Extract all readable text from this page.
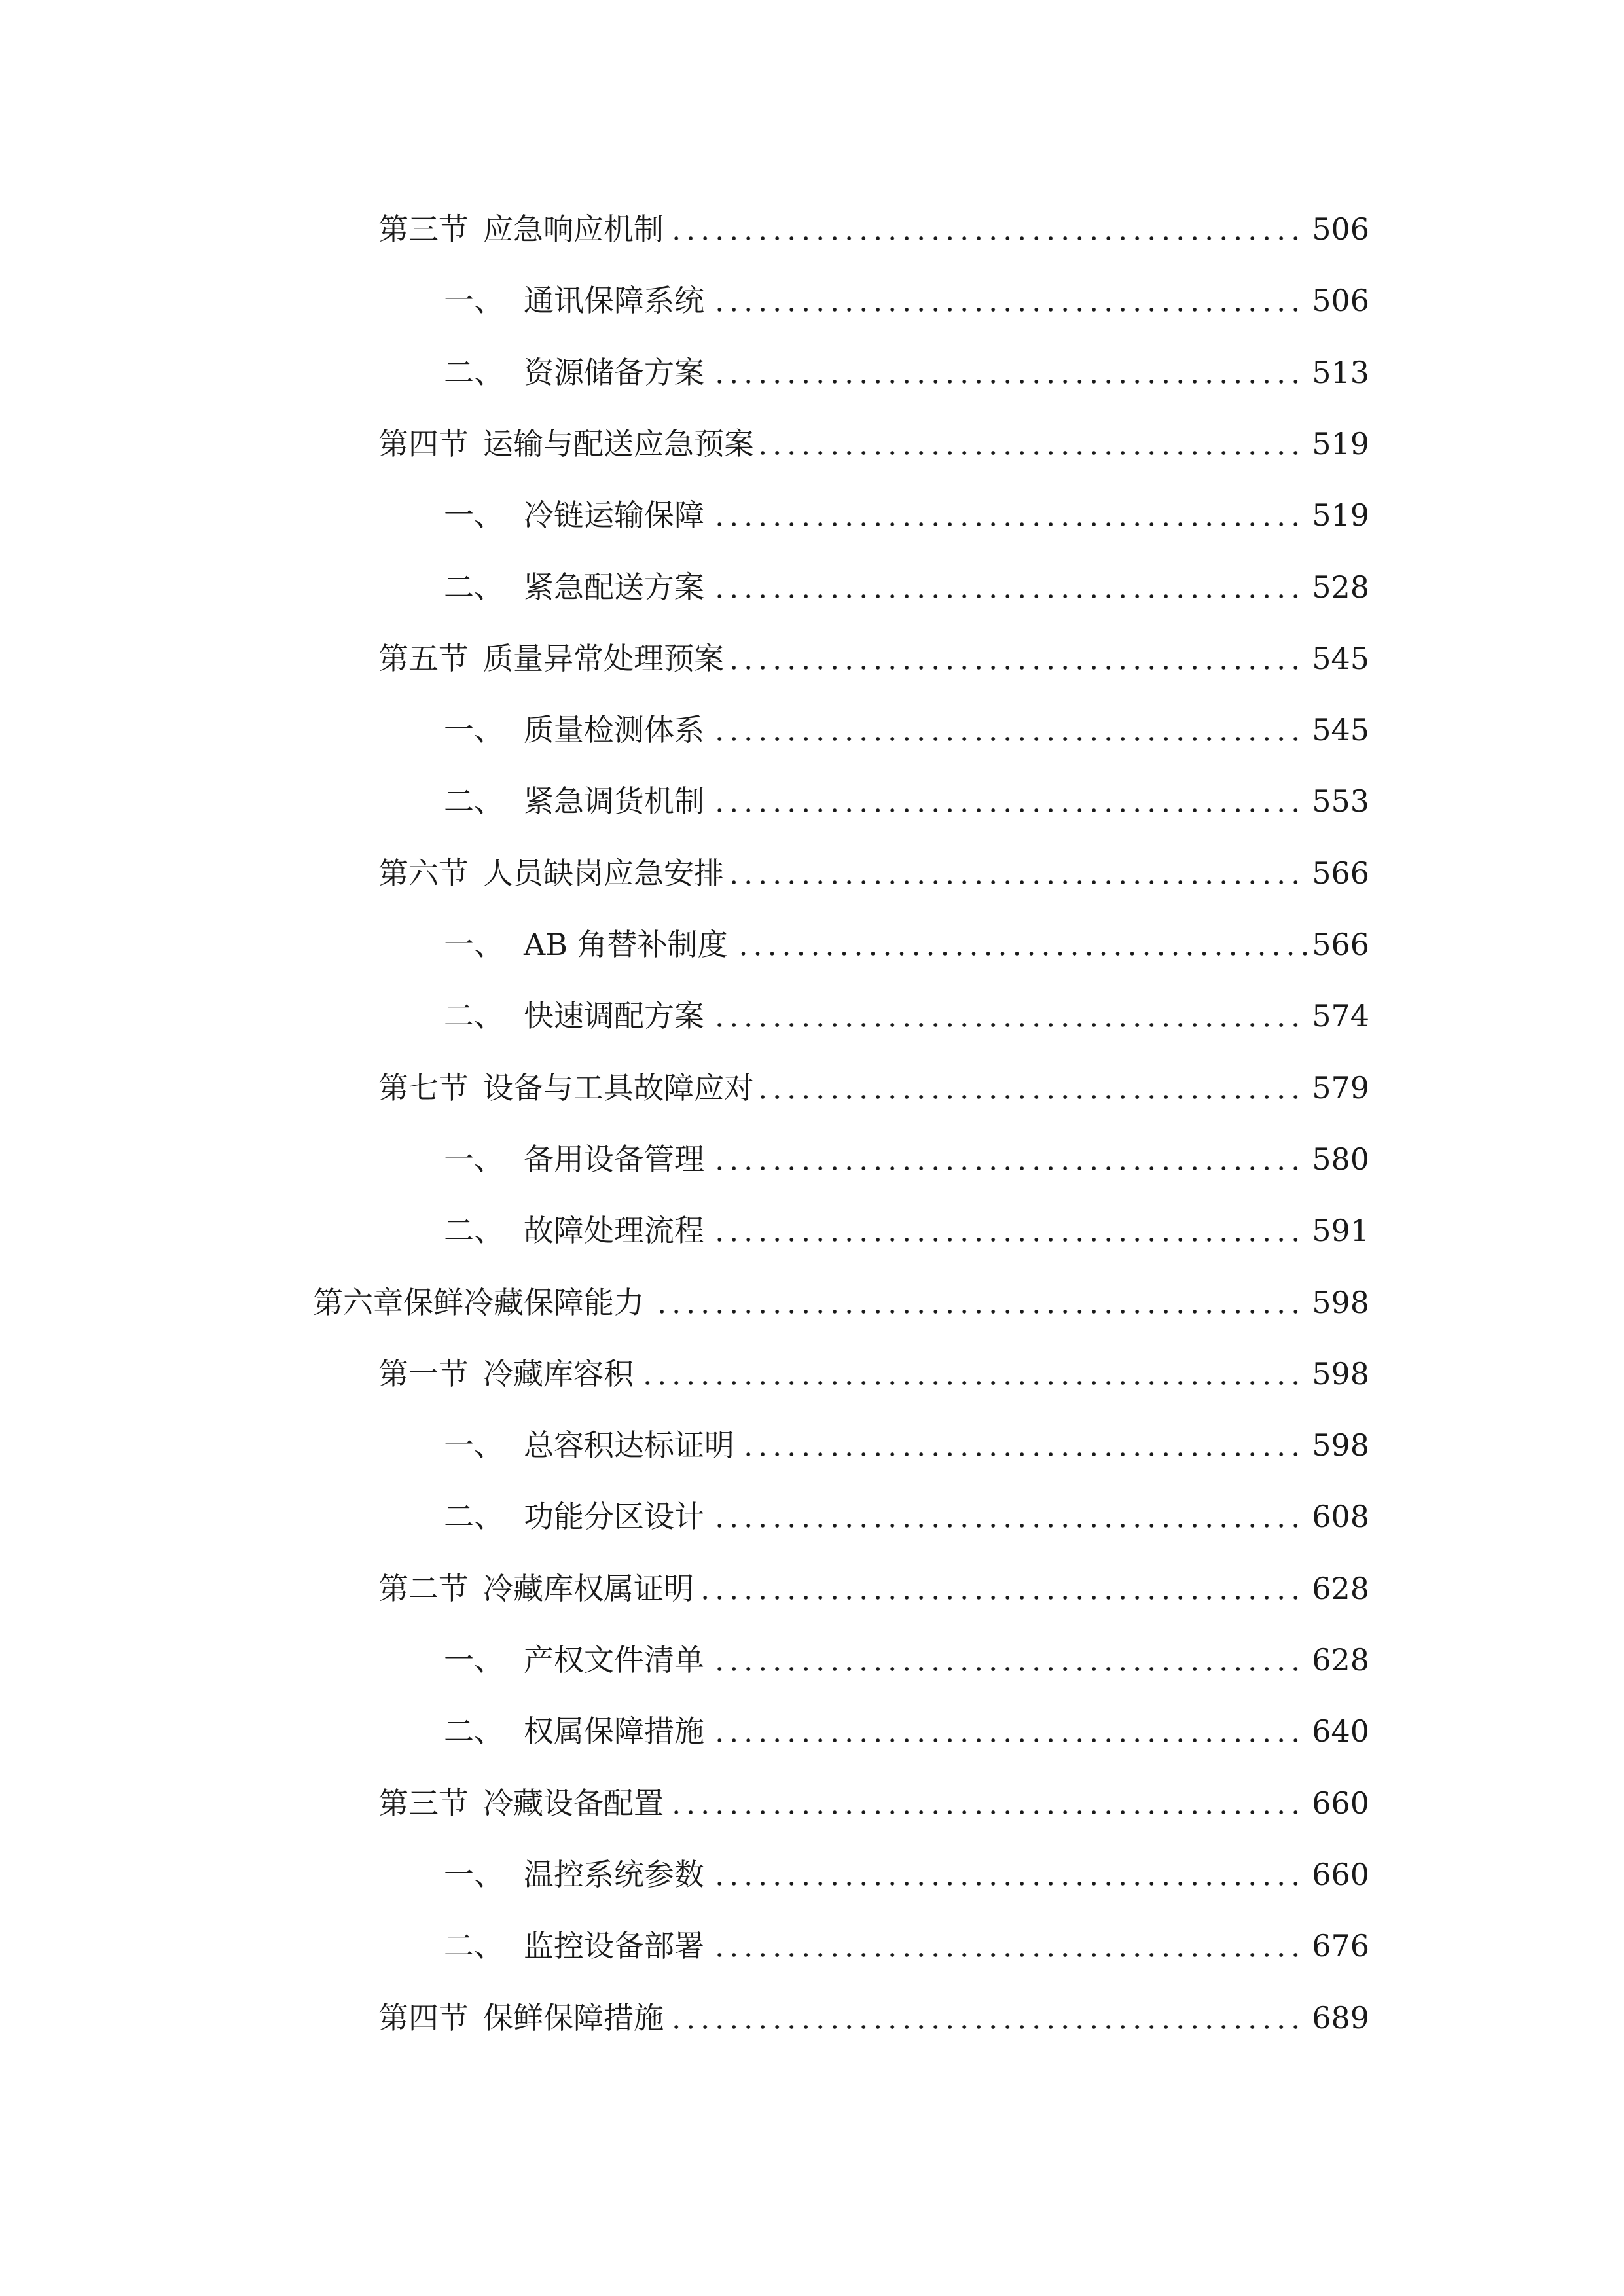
第三节 应急响应机制	506
一、 通讯保障系统	506
二、 资源储备方案	513
第四节 运输与配送应急预案	519
一、 冷链运输保障	519
二、 紧急配送方案	528
第五节 质量异常处理预案	545
一、 质量检测体系	545
二、 紧急调货机制	553
第六节 人员缺岗应急安排	566
一、 AB 角替补制度	566
二、 快速调配方案	574
第七节 设备与工具故障应对	579
一、 备用设备管理	580
二、 故障处理流程	591
第六章 保鲜冷藏保障能力	598
第一节 冷藏库容积	598
一、 总容积达标证明	598
二、 功能分区设计	608
第二节 冷藏库权属证明	628
一、 产权文件清单	628
二、 权属保障措施	640
第三节 冷藏设备配置	660
一、 温控系统参数	660
二、 监控设备部署	676
第四节 保鲜保障措施	689
